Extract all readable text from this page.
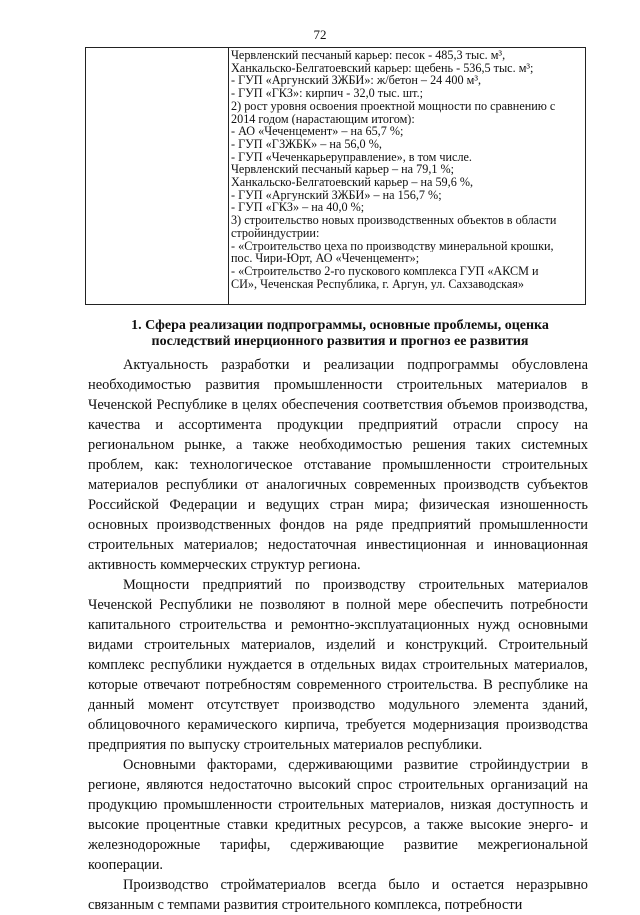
72
Червленский песчаный карьер: песок - 485,3 тыс. м³,
Ханкальско-Белгатоевский карьер: щебень - 536,5 тыс. м³;
- ГУП «Аргунский ЗЖБИ»: ж/бетон – 24 400 м³,
- ГУП «ГКЗ»: кирпич - 32,0 тыс. шт.;
2) рост уровня освоения проектной мощности по сравнению с
2014 годом (нарастающим итогом):
- АО «Чеченцемент» – на 65,7 %;
- ГУП «ГЗЖБК» – на 56,0 %,
- ГУП «Чеченкарьеруправление», в том числе.
Червленский песчаный карьер – на 79,1 %;
Ханкальско-Белгатоевский карьер – на 59,6 %,
- ГУП «Аргунский ЗЖБИ» – на 156,7 %;
- ГУП «ГКЗ» – на 40,0 %;
3) строительство новых производственных объектов в области
стройиндустрии:
- «Строительство цеха по производству минеральной крошки,
пос. Чири-Юрт, АО «Чеченцемент»;
- «Строительство 2-го пускового комплекса ГУП «АКСМ и
СИ», Чеченская Республика, г. Аргун, ул. Сахзаводская»
1. Сфера реализации подпрограммы, основные проблемы, оценка
последствий инерционного развития и прогноз ее развития

Актуальность разработки и реализации подпрограммы обусловлена необходимостью развития промышленности строительных материалов в Чеченской Республике в целях обеспечения соответствия объемов производства, качества и ассортимента продукции предприятий отрасли спросу на региональном рынке, а также необходимостью решения таких системных проблем, как: технологическое отставание промышленности строительных материалов республики от аналогичных современных производств субъектов Российской Федерации и ведущих стран мира; физическая изношенность основных производственных фондов на ряде предприятий промышленности строительных материалов; недостаточная инвестиционная и инновационная активность коммерческих структур региона.

Мощности предприятий по производству строительных материалов Чеченской Республики не позволяют в полной мере обеспечить потребности капитального строительства и ремонтно-эксплуатационных нужд основными видами строительных материалов, изделий и конструкций. Строительный комплекс республики нуждается в отдельных видах строительных материалов, которые отвечают потребностям современного строительства. В республике на данный момент отсутствует производство модульного элемента зданий, облицовочного керамического кирпича, требуется модернизация производства предприятия по выпуску строительных материалов республики.

Основными факторами, сдерживающими развитие стройиндустрии в регионе, являются недостаточно высокий спрос строительных организаций на продукцию промышленности строительных материалов, низкая доступность и высокие процентные ставки кредитных ресурсов, а также высокие энерго- и железнодорожные тарифы, сдерживающие развитие межрегиональной кооперации.

Производство стройматериалов всегда было и остается неразрывно связанным с темпами развития строительного комплекса, потребности
